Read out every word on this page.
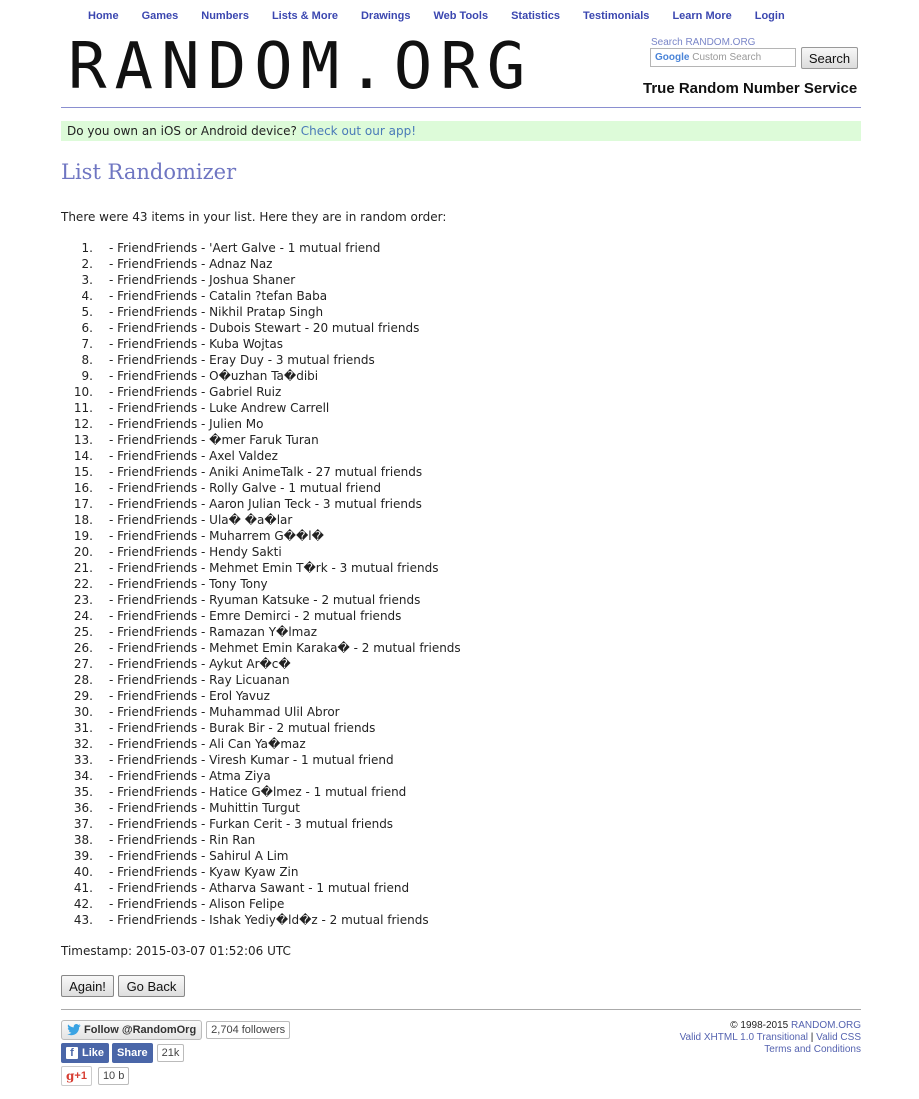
Home Games Numbers Lists & More Drawings Web Tools Statistics Testimonials Learn More Login
RANDOM.ORG	Search RANDOM.ORG
Google Custom Search	Search
True Random Number Service
Do you own an iOS or Android device? Check out our app!
List Randomizer
There were 43 items in your list. Here they are in random order:
1.	- FriendFriends - 'Aert Galve - 1 mutual friend
2.	- FriendFriends - Adnaz Naz
3.	- FriendFriends - Joshua Shaner
4.	- FriendFriends - Catalin ?tefan Baba
5.	- FriendFriends - Nikhil Pratap Singh
6.	- FriendFriends - Dubois Stewart - 20 mutual friends
7.	- FriendFriends - Kuba Wojtas
8.	- FriendFriends - Eray Duy - 3 mutual friends
9.	- FriendFriends - O�uzhan Ta�dibi
10.	- FriendFriends - Gabriel Ruiz
11.	- FriendFriends - Luke Andrew Carrell
12.	- FriendFriends - Julien Mo
13.	- FriendFriends - �mer Faruk Turan
14.	- FriendFriends - Axel Valdez
15.	- FriendFriends - Aniki AnimeTalk - 27 mutual friends
16.	- FriendFriends - Rolly Galve - 1 mutual friend
17.	- FriendFriends - Aaron Julian Teck - 3 mutual friends
18.	- FriendFriends - Ula� �a�lar
19.	- FriendFriends - Muharrem G��l�
20.	- FriendFriends - Hendy Sakti
21.	- FriendFriends - Mehmet Emin T�rk - 3 mutual friends
22.	- FriendFriends - Tony Tony
23.	- FriendFriends - Ryuman Katsuke - 2 mutual friends
24.	- FriendFriends - Emre Demirci - 2 mutual friends
25.	- FriendFriends - Ramazan Y�lmaz
26.	- FriendFriends - Mehmet Emin Karaka� - 2 mutual friends
27.	- FriendFriends - Aykut Ar�c�
28.	- FriendFriends - Ray Licuanan
29.	- FriendFriends - Erol Yavuz
30.	- FriendFriends - Muhammad Ulil Abror
31.	- FriendFriends - Burak Bir - 2 mutual friends
32.	- FriendFriends - Ali Can Ya�maz
33.	- FriendFriends - Viresh Kumar - 1 mutual friend
34.	- FriendFriends - Atma Ziya
35.	- FriendFriends - Hatice G�lmez - 1 mutual friend
36.	- FriendFriends - Muhittin Turgut
37.	- FriendFriends - Furkan Cerit - 3 mutual friends
38.	- FriendFriends - Rin Ran
39.	- FriendFriends - Sahirul A Lim
40.	- FriendFriends - Kyaw Kyaw Zin
41.	- FriendFriends - Atharva Sawant - 1 mutual friend
42.	- FriendFriends - Alison Felipe
43.	- FriendFriends - Ishak Yediy�ld�z - 2 mutual friends
Timestamp: 2015-03-07 01:52:06 UTC
Again!	Go Back
Follow @RandomOrg	2,704 followers
f Like	Share	21k
g +1	10 b
© 1998-2015 RANDOM.ORG
Valid XHTML 1.0 Transitional | Valid CSS
Terms and Conditions
